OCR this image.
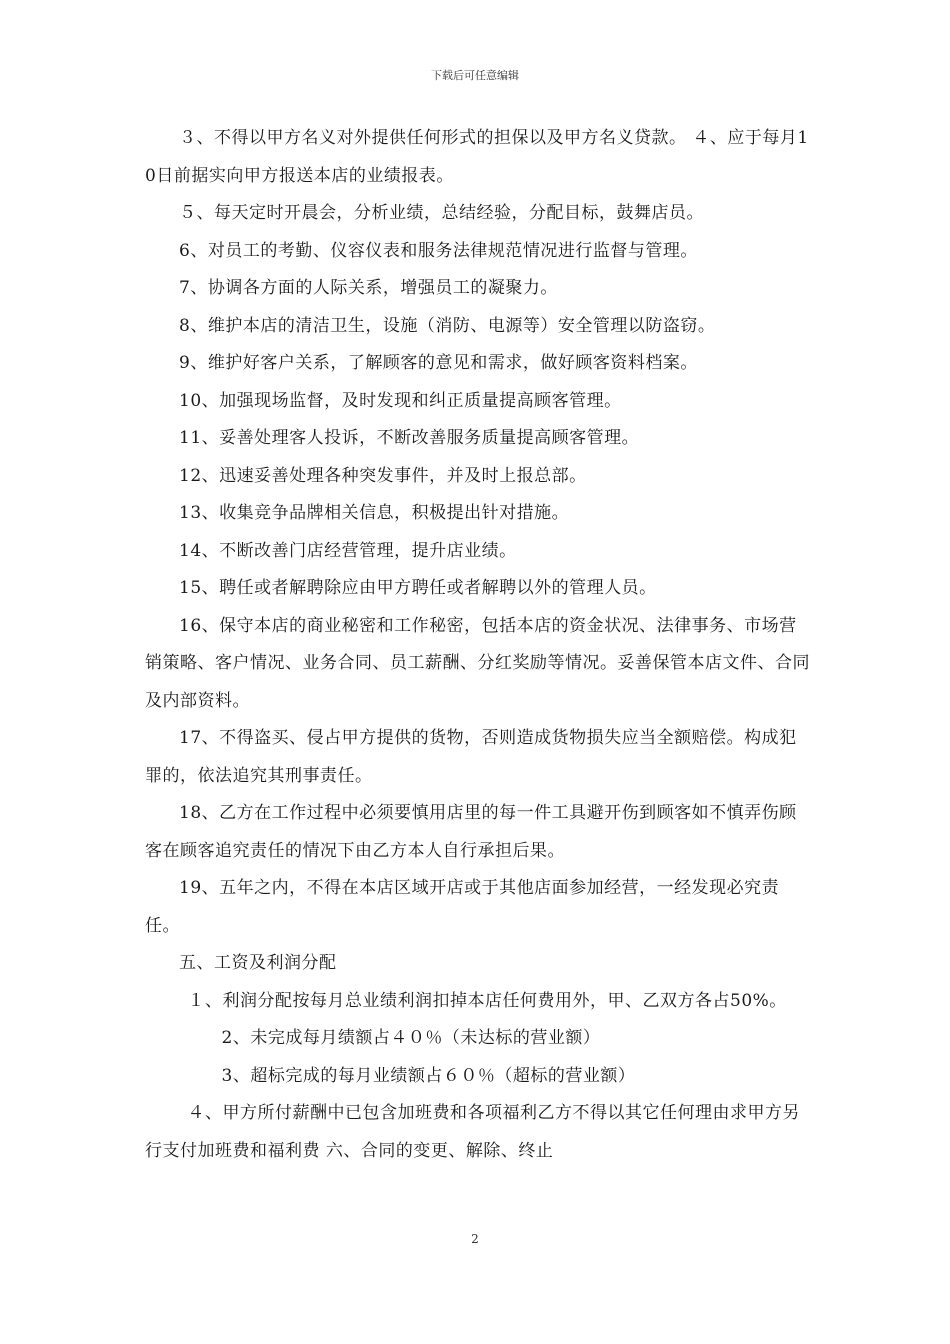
下载后可任意编辑

３、不得以甲方名义对外提供任何形式的担保以及甲方名义贷款。 ４、应于每月10日前据实向甲方报送本店的业绩报表。

５、每天定时开晨会，分析业绩，总结经验，分配目标，鼓舞店员。

6、对员工的考勤、仪容仪表和服务法律规范情况进行监督与管理。

7、协调各方面的人际关系，增强员工的凝聚力。

8、维护本店的清洁卫生，设施（消防、电源等）安全管理以防盗窃。

9、维护好客户关系，了解顾客的意见和需求，做好顾客资料档案。

10、加强现场监督，及时发现和纠正质量提高顾客管理。

11、妥善处理客人投诉，不断改善服务质量提高顾客管理。

12、迅速妥善处理各种突发事件，并及时上报总部。

13、收集竞争品牌相关信息，积极提出针对措施。

14、不断改善门店经营管理，提升店业绩。

15、聘任或者解聘除应由甲方聘任或者解聘以外的管理人员。

16、保守本店的商业秘密和工作秘密，包括本店的资金状况、法律事务、市场营销策略、客户情况、业务合同、员工薪酬、分红奖励等情况。妥善保管本店文件、合同及内部资料。

17、不得盗买、侵占甲方提供的货物，否则造成货物损失应当全额赔偿。构成犯罪的，依法追究其刑事责任。

18、乙方在工作过程中必须要慎用店里的每一件工具避开伤到顾客如不慎弄伤顾客在顾客追究责任的情况下由乙方本人自行承担后果。

19、五年之内，不得在本店区域开店或于其他店面参加经营，一经发现必究责任。

五、工资及利润分配

１、利润分配按每月总业绩利润扣掉本店任何费用外，甲、乙双方各占50%。

2、未完成每月绩额占４０％（未达标的营业额）

3、超标完成的每月业绩额占６０％（超标的营业额）

４、甲方所付薪酬中已包含加班费和各项福利乙方不得以其它任何理由求甲方另行支付加班费和福利费 六、合同的变更、解除、终止

2
